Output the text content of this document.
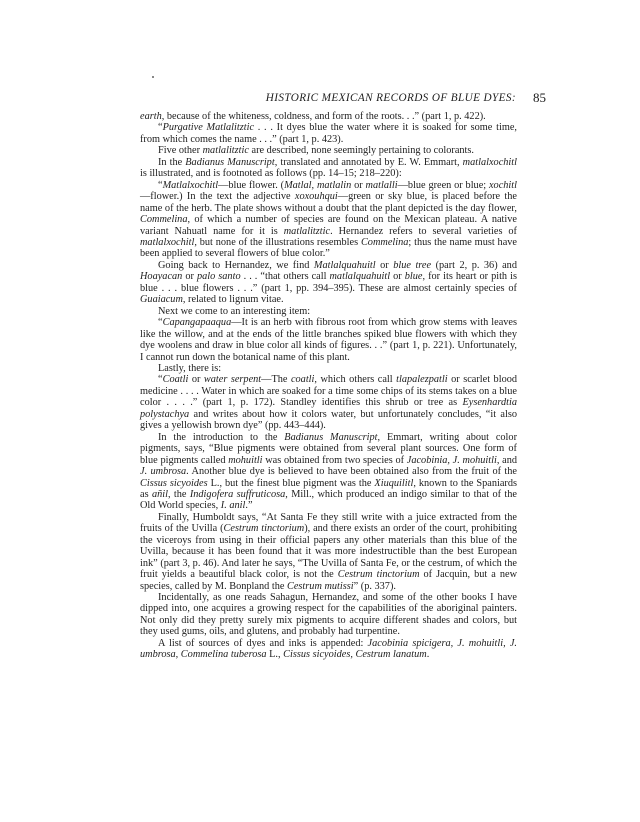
HISTORIC MEXICAN RECORDS OF BLUE DYES: 85

earth, because of the whiteness, coldness, and form of the roots. . .” (part 1, p. 422).

“Purgative Matlalitztic . . . It dyes blue the water where it is soaked for some time, from which comes the name . . .” (part 1, p. 423).

Five other matlalitztic are described, none seemingly pertaining to colorants.

In the Badianus Manuscript, translated and annotated by E. W. Emmart, matlalxochitl is illustrated, and is footnoted as follows (pp. 14–15; 218–220):

“Matlalxochitl—blue flower. (Matlal, matlalin or matlalli—blue green or blue; xochitl—flower.) In the text the adjective xoxouhqui—green or sky blue, is placed before the name of the herb. The plate shows without a doubt that the plant depicted is the day flower, Commelina, of which a number of species are found on the Mexican plateau. A native variant Nahuatl name for it is matlalitztic. Hernandez refers to several varieties of matlalxochitl, but none of the illustrations resembles Commelina; thus the name must have been applied to several flowers of blue color.”

Going back to Hernandez, we find Matlalquahuitl or blue tree (part 2, p. 36) and Hoayacan or palo santo . . . “that others call matlalquahuitl or blue, for its heart or pith is blue . . . blue flowers . . .” (part 1, pp. 394–395). These are almost certainly species of Guaiacum, related to lignum vitae.

Next we come to an interesting item:

“Capangapaaqua—It is an herb with fibrous root from which grow stems with leaves like the willow, and at the ends of the little branches spiked blue flowers with which they dye woolens and draw in blue color all kinds of figures. . .” (part 1, p. 221). Unfortunately, I cannot run down the botanical name of this plant.

Lastly, there is:

“Coatli or water serpent—The coatli, which others call tlapalezpatli or scarlet blood medicine . . . . Water in which are soaked for a time some chips of its stems takes on a blue color . . . .” (part 1, p. 172). Standley identifies this shrub or tree as Eysenhardtia polystachya and writes about how it colors water, but unfortunately concludes, “it also gives a yellowish brown dye” (pp. 443–444).

In the introduction to the Badianus Manuscript, Emmart, writing about color pigments, says, “Blue pigments were obtained from several plant sources. One form of blue pigments called mohuitli was obtained from two species of Jacobinia, J. mohuitli, and J. umbrosa. Another blue dye is believed to have been obtained also from the fruit of the Cissus sicyoides L., but the finest blue pigment was the Xiuquilitl, known to the Spaniards as añil, the Indigofera suffruticosa, Mill., which produced an indigo similar to that of the Old World species, I. anil.”

Finally, Humboldt says, “At Santa Fe they still write with a juice extracted from the fruits of the Uvilla (Cestrum tinctorium), and there exists an order of the court, prohibiting the viceroys from using in their official papers any other materials than this blue of the Uvilla, because it has been found that it was more indestructible than the best European ink” (part 3, p. 46). And later he says, “The Uvilla of Santa Fe, or the cestrum, of which the fruit yields a beautiful black color, is not the Cestrum tinctorium of Jacquin, but a new species, called by M. Bonpland the Cestrum mutissi” (p. 337).

Incidentally, as one reads Sahagun, Hernandez, and some of the other books I have dipped into, one acquires a growing respect for the capabilities of the aboriginal painters. Not only did they pretty surely mix pigments to acquire different shades and colors, but they used gums, oils, and glutens, and probably had turpentine.

A list of sources of dyes and inks is appended: Jacobinia spicigera, J. mohuitli, J. umbrosa, Commelina tuberosa L., Cissus sicyoides, Cestrum lanatum.
